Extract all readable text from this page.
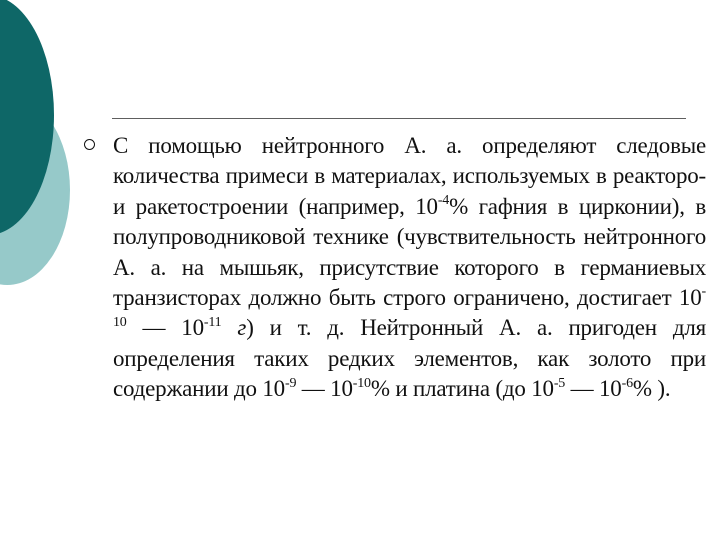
С помощью нейтронного А. а. определяют следовые количества примеси в материалах, используемых в реакторо- и ракетостроении (например, $10^{-4}\%$ гафния в цирконии), в полупроводниковой технике (чувствительность нейтронного А. а. на мышьяк, присутствие которого в германиевых транзисторах должно быть строго ограничено, достигает $10^{-10}$ — $10^{-11}$ г) и т. д. Нейтронный А. а. пригоден для определения таких редких элементов, как золото при содержании до $10^{-9}$ — $10^{-10}\%$ и платина (до $10^{-5}$ — $10^{-6}\%$ ).
